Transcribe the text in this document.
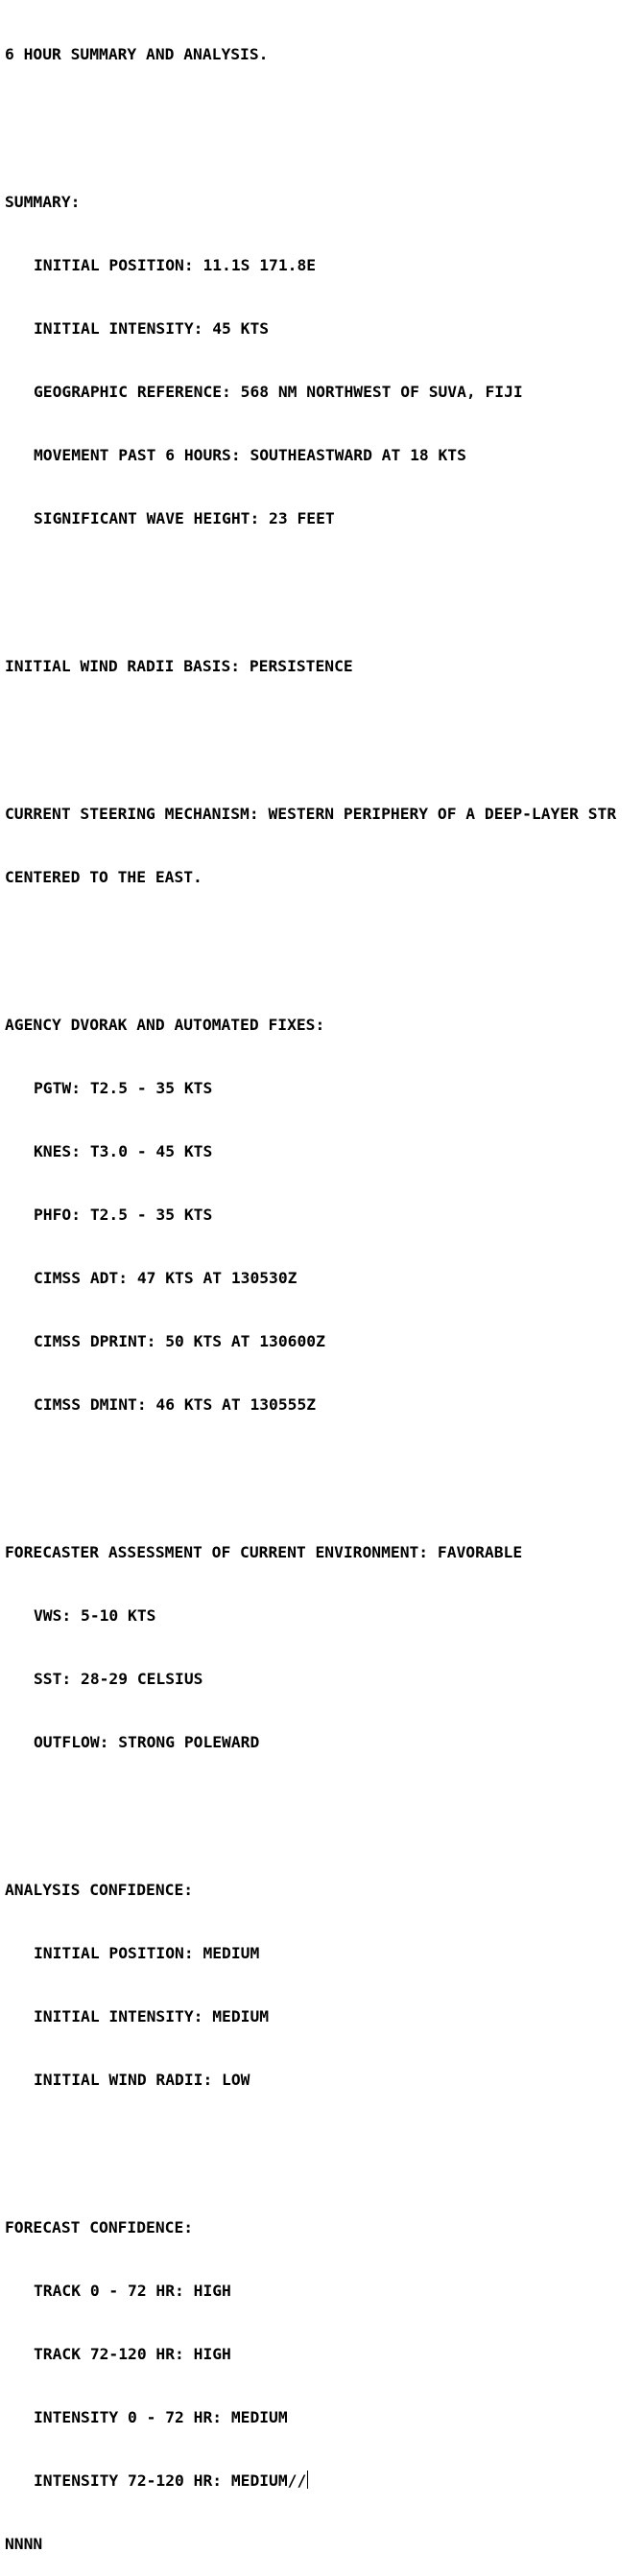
6 HOUR SUMMARY AND ANALYSIS.

SUMMARY:

INITIAL POSITION: 11.1S 171.8E

INITIAL INTENSITY: 45 KTS

GEOGRAPHIC REFERENCE: 568 NM NORTHWEST OF SUVA, FIJI

MOVEMENT PAST 6 HOURS: SOUTHEASTWARD AT 18 KTS

SIGNIFICANT WAVE HEIGHT: 23 FEET

INITIAL WIND RADII BASIS: PERSISTENCE

CURRENT STEERING MECHANISM: WESTERN PERIPHERY OF A DEEP-LAYER STR

CENTERED TO THE EAST.

AGENCY DVORAK AND AUTOMATED FIXES:

PGTW: T2.5 - 35 KTS

KNES: T3.0 - 45 KTS

PHFO: T2.5 - 35 KTS

CIMSS ADT: 47 KTS AT 130530Z

CIMSS DPRINT: 50 KTS AT 130600Z

CIMSS DMINT: 46 KTS AT 130555Z

FORECASTER ASSESSMENT OF CURRENT ENVIRONMENT: FAVORABLE

VWS: 5-10 KTS

SST: 28-29 CELSIUS

OUTFLOW: STRONG POLEWARD

ANALYSIS CONFIDENCE:

INITIAL POSITION: MEDIUM

INITIAL INTENSITY: MEDIUM

INITIAL WIND RADII: LOW

FORECAST CONFIDENCE:

TRACK 0 - 72 HR: HIGH

TRACK 72-120 HR: HIGH

INTENSITY 0 - 72 HR: MEDIUM

INTENSITY 72-120 HR: MEDIUM//

NNNN
